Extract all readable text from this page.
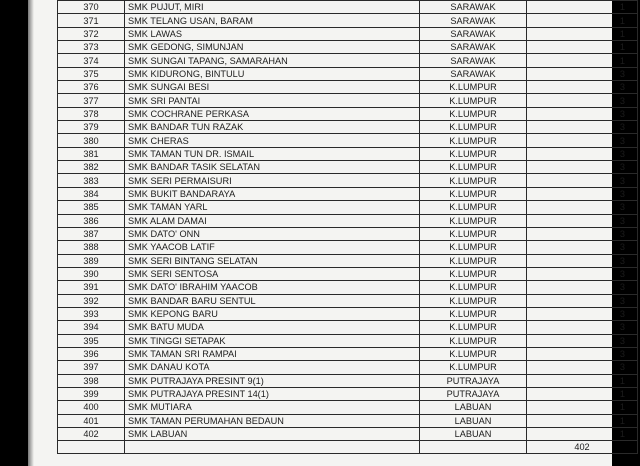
370	SMK PUJUT, MIRI	SARAWAK	1
371	SMK TELANG USAN, BARAM	SARAWAK	1
372	SMK LAWAS	SARAWAK	1
373	SMK GEDONG, SIMUNJAN	SARAWAK	1
374	SMK SUNGAI TAPANG, SAMARAHAN	SARAWAK	1
375	SMK KIDURONG, BINTULU	SARAWAK	3
376	SMK SUNGAI BESI	K.LUMPUR	3
377	SMK SRI PANTAI	K.LUMPUR	3
378	SMK COCHRANE PERKASA	K.LUMPUR	3
379	SMK BANDAR TUN RAZAK	K.LUMPUR	3
380	SMK CHERAS	K.LUMPUR	3
381	SMK TAMAN TUN DR. ISMAIL	K.LUMPUR	3
382	SMK BANDAR TASIK SELATAN	K.LUMPUR	3
383	SMK SERI PERMAISURI	K.LUMPUR	3
384	SMK BUKIT BANDARAYA	K.LUMPUR	3
385	SMK TAMAN YARL	K.LUMPUR	3
386	SMK ALAM DAMAI	K.LUMPUR	3
387	SMK DATO' ONN	K.LUMPUR	3
388	SMK YAACOB LATIF	K.LUMPUR	3
389	SMK SERI BINTANG SELATAN	K.LUMPUR	3
390	SMK SERI SENTOSA	K.LUMPUR	3
391	SMK DATO' IBRAHIM YAACOB	K.LUMPUR	3
392	SMK BANDAR BARU SENTUL	K.LUMPUR	3
393	SMK KEPONG BARU	K.LUMPUR	3
394	SMK BATU MUDA	K.LUMPUR	3
395	SMK TINGGI SETAPAK	K.LUMPUR	3
396	SMK TAMAN SRI RAMPAI	K.LUMPUR	3
397	SMK DANAU KOTA	K.LUMPUR	3
398	SMK PUTRAJAYA PRESINT 9(1)	PUTRAJAYA	1
399	SMK PUTRAJAYA PRESINT 14(1)	PUTRAJAYA	1
400	SMK MUTIARA	LABUAN	1
401	SMK TAMAN PERUMAHAN BEDAUN	LABUAN	1
402	SMK LABUAN	LABUAN	1
			402
